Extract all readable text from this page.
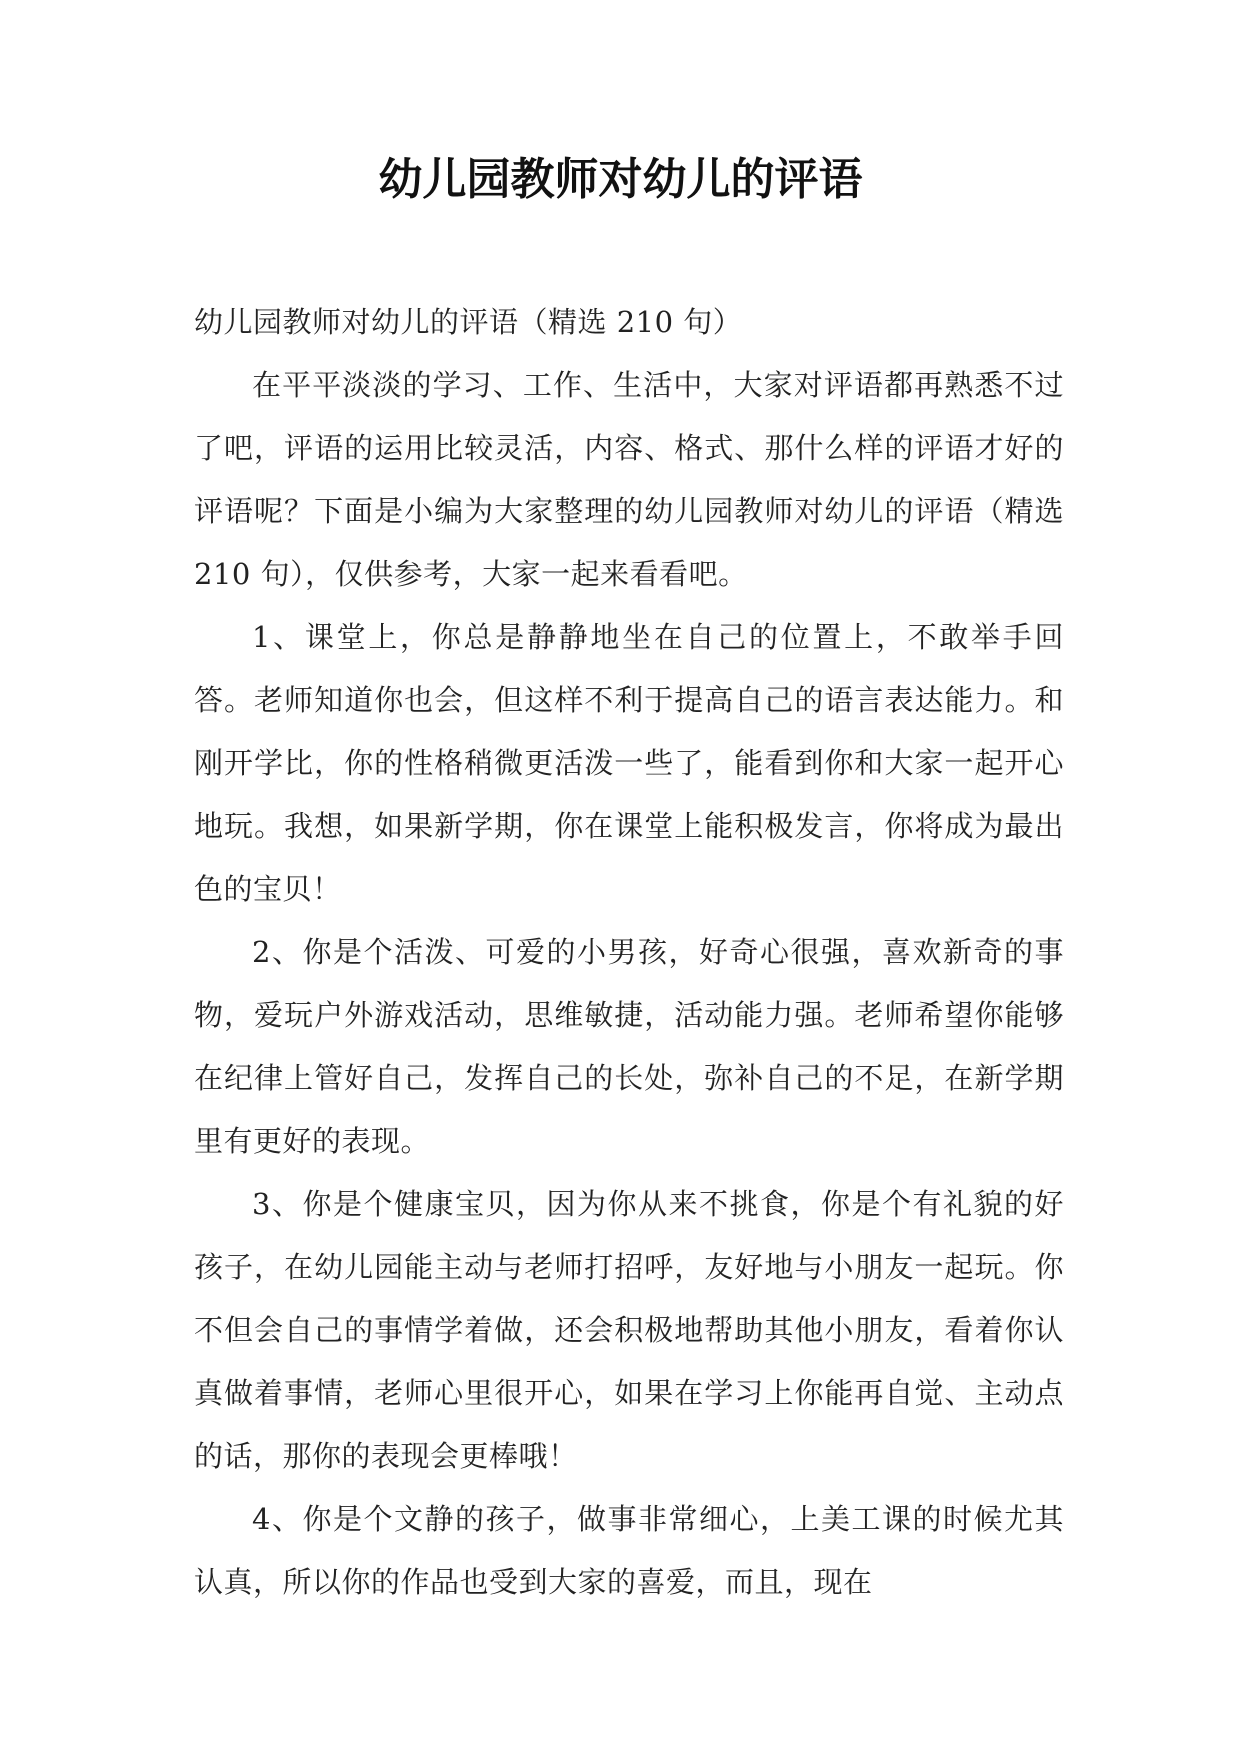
幼儿园教师对幼儿的评语

幼儿园教师对幼儿的评语（精选 210 句）

在平平淡淡的学习、工作、生活中，大家对评语都再熟悉不过了吧，评语的运用比较灵活，内容、格式、那什么样的评语才好的评语呢？下面是小编为大家整理的幼儿园教师对幼儿的评语（精选 210 句），仅供参考，大家一起来看看吧。

1、课堂上，你总是静静地坐在自己的位置上，不敢举手回答。老师知道你也会，但这样不利于提高自己的语言表达能力。和刚开学比，你的性格稍微更活泼一些了，能看到你和大家一起开心地玩。我想，如果新学期，你在课堂上能积极发言，你将成为最出色的宝贝！

2、你是个活泼、可爱的小男孩，好奇心很强，喜欢新奇的事物，爱玩户外游戏活动，思维敏捷，活动能力强。老师希望你能够在纪律上管好自己，发挥自己的长处，弥补自己的不足，在新学期里有更好的表现。

3、你是个健康宝贝，因为你从来不挑食，你是个有礼貌的好孩子，在幼儿园能主动与老师打招呼，友好地与小朋友一起玩。你不但会自己的事情学着做，还会积极地帮助其他小朋友，看着你认真做着事情，老师心里很开心，如果在学习上你能再自觉、主动点的话，那你的表现会更棒哦！

4、你是个文静的孩子，做事非常细心，上美工课的时候尤其认真，所以你的作品也受到大家的喜爱，而且，现在
